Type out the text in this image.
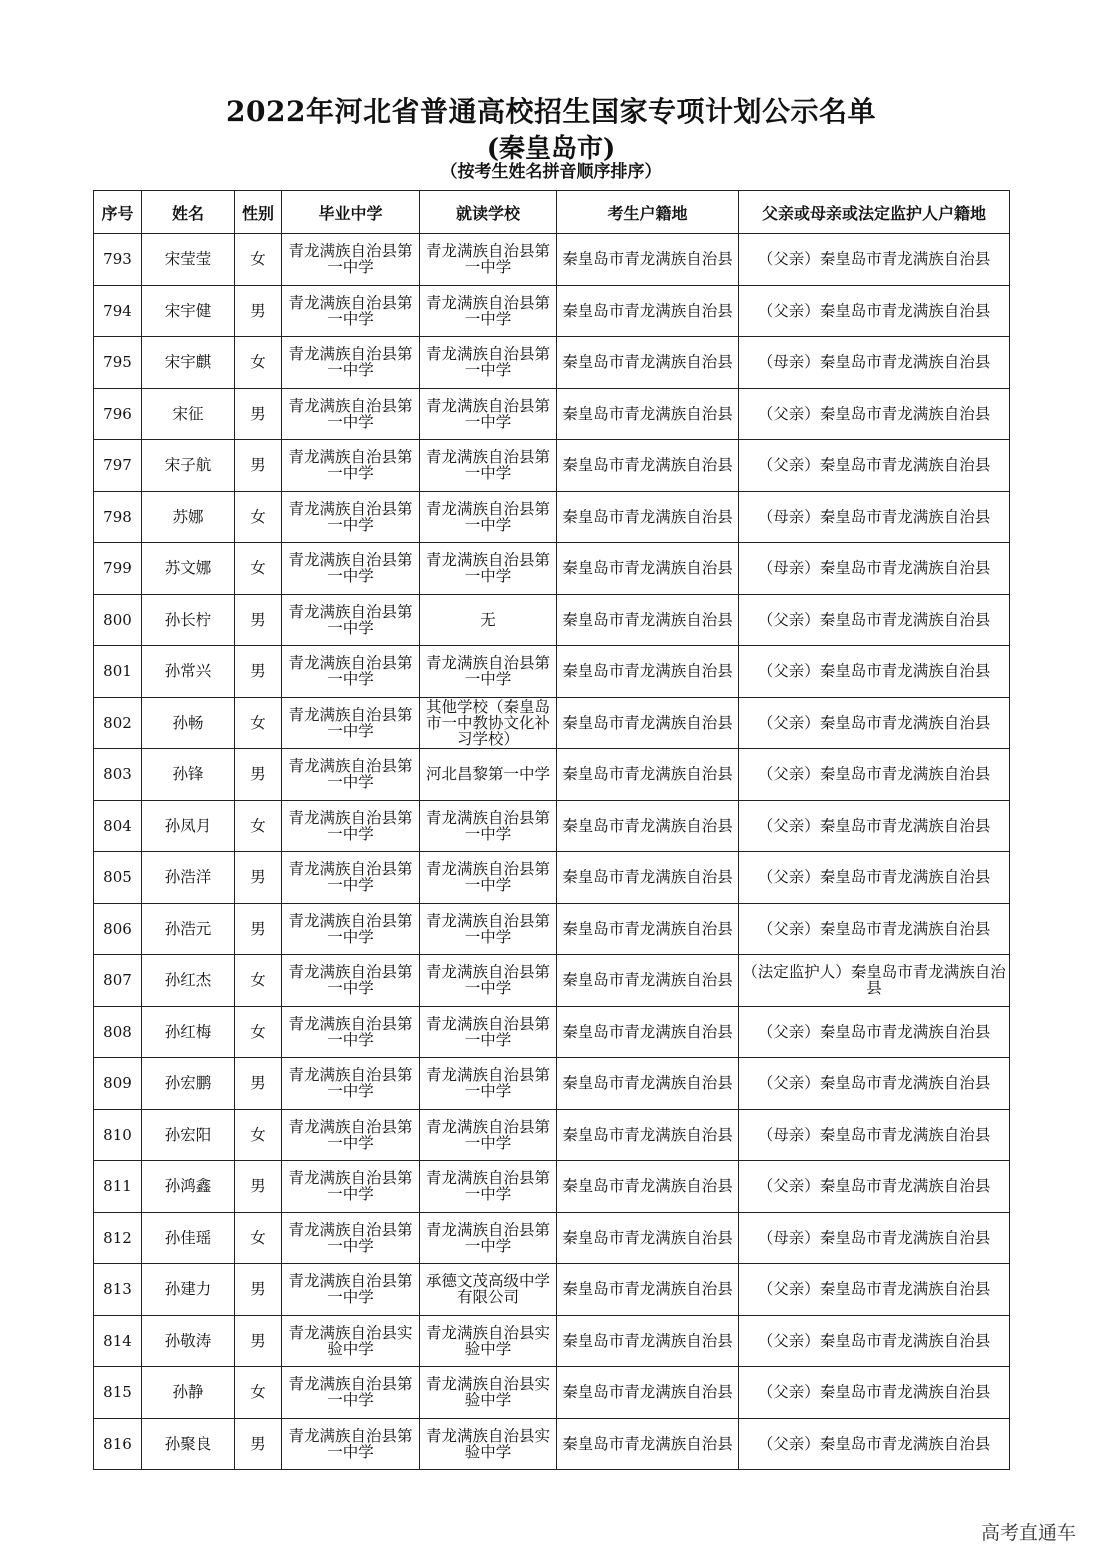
2022年河北省普通高校招生国家专项计划公示名单
(秦皇岛市)
（按考生姓名拼音顺序排序）
序号	姓名	性别	毕业中学	就读学校	考生户籍地	父亲或母亲或法定监护人户籍地
793	宋莹莹	女	青龙满族自治县第一中学	青龙满族自治县第一中学	秦皇岛市青龙满族自治县	（父亲）秦皇岛市青龙满族自治县
794	宋宇健	男	青龙满族自治县第一中学	青龙满族自治县第一中学	秦皇岛市青龙满族自治县	（父亲）秦皇岛市青龙满族自治县
795	宋宇麒	女	青龙满族自治县第一中学	青龙满族自治县第一中学	秦皇岛市青龙满族自治县	（母亲）秦皇岛市青龙满族自治县
796	宋征	男	青龙满族自治县第一中学	青龙满族自治县第一中学	秦皇岛市青龙满族自治县	（父亲）秦皇岛市青龙满族自治县
797	宋子航	男	青龙满族自治县第一中学	青龙满族自治县第一中学	秦皇岛市青龙满族自治县	（父亲）秦皇岛市青龙满族自治县
798	苏娜	女	青龙满族自治县第一中学	青龙满族自治县第一中学	秦皇岛市青龙满族自治县	（母亲）秦皇岛市青龙满族自治县
799	苏文娜	女	青龙满族自治县第一中学	青龙满族自治县第一中学	秦皇岛市青龙满族自治县	（母亲）秦皇岛市青龙满族自治县
800	孙长柠	男	青龙满族自治县第一中学	无	秦皇岛市青龙满族自治县	（父亲）秦皇岛市青龙满族自治县
801	孙常兴	男	青龙满族自治县第一中学	青龙满族自治县第一中学	秦皇岛市青龙满族自治县	（父亲）秦皇岛市青龙满族自治县
802	孙畅	女	青龙满族自治县第一中学	其他学校（秦皇岛市一中教协文化补习学校）	秦皇岛市青龙满族自治县	（父亲）秦皇岛市青龙满族自治县
803	孙锋	男	青龙满族自治县第一中学	河北昌黎第一中学	秦皇岛市青龙满族自治县	（父亲）秦皇岛市青龙满族自治县
804	孙凤月	女	青龙满族自治县第一中学	青龙满族自治县第一中学	秦皇岛市青龙满族自治县	（父亲）秦皇岛市青龙满族自治县
805	孙浩洋	男	青龙满族自治县第一中学	青龙满族自治县第一中学	秦皇岛市青龙满族自治县	（父亲）秦皇岛市青龙满族自治县
806	孙浩元	男	青龙满族自治县第一中学	青龙满族自治县第一中学	秦皇岛市青龙满族自治县	（父亲）秦皇岛市青龙满族自治县
807	孙红杰	女	青龙满族自治县第一中学	青龙满族自治县第一中学	秦皇岛市青龙满族自治县	（法定监护人）秦皇岛市青龙满族自治县
808	孙红梅	女	青龙满族自治县第一中学	青龙满族自治县第一中学	秦皇岛市青龙满族自治县	（父亲）秦皇岛市青龙满族自治县
809	孙宏鹏	男	青龙满族自治县第一中学	青龙满族自治县第一中学	秦皇岛市青龙满族自治县	（父亲）秦皇岛市青龙满族自治县
810	孙宏阳	女	青龙满族自治县第一中学	青龙满族自治县第一中学	秦皇岛市青龙满族自治县	（母亲）秦皇岛市青龙满族自治县
811	孙鸿鑫	男	青龙满族自治县第一中学	青龙满族自治县第一中学	秦皇岛市青龙满族自治县	（父亲）秦皇岛市青龙满族自治县
812	孙佳瑶	女	青龙满族自治县第一中学	青龙满族自治县第一中学	秦皇岛市青龙满族自治县	（母亲）秦皇岛市青龙满族自治县
813	孙建力	男	青龙满族自治县第一中学	承德文茂高级中学有限公司	秦皇岛市青龙满族自治县	（父亲）秦皇岛市青龙满族自治县
814	孙敬涛	男	青龙满族自治县实验中学	青龙满族自治县实验中学	秦皇岛市青龙满族自治县	（父亲）秦皇岛市青龙满族自治县
815	孙静	女	青龙满族自治县第一中学	青龙满族自治县实验中学	秦皇岛市青龙满族自治县	（父亲）秦皇岛市青龙满族自治县
816	孙聚良	男	青龙满族自治县第一中学	青龙满族自治县实验中学	秦皇岛市青龙满族自治县	（父亲）秦皇岛市青龙满族自治县
高考直通车
